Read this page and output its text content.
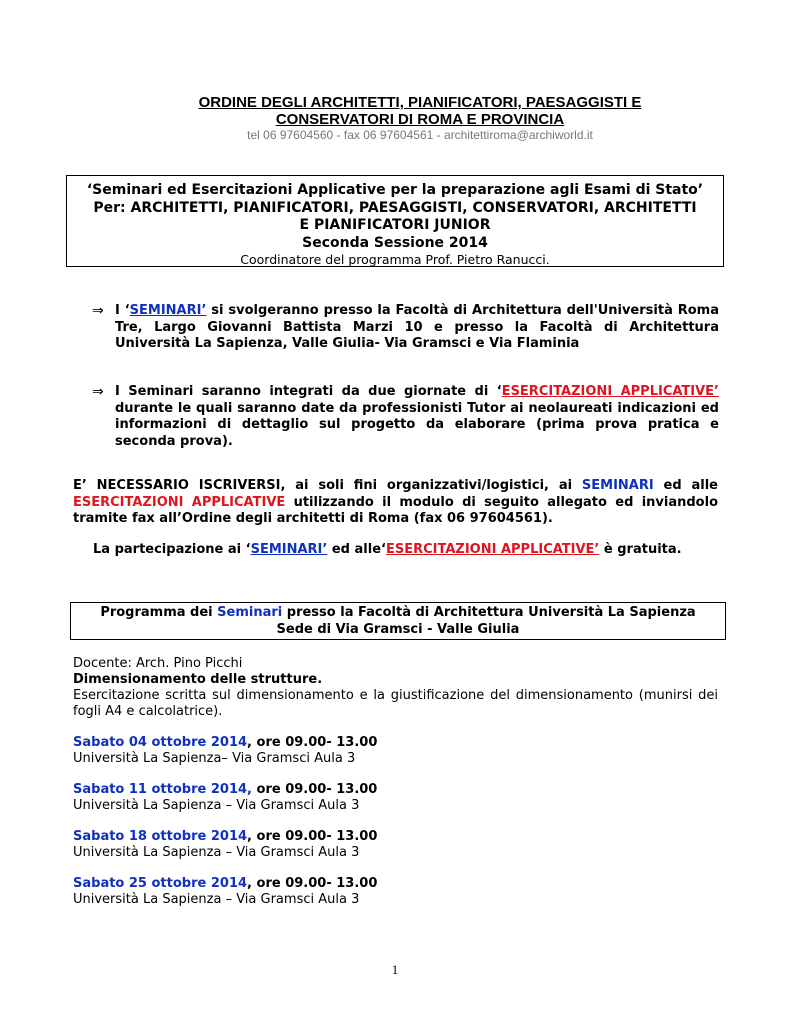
ORDINE DEGLI ARCHITETTI, PIANIFICATORI, PAESAGGISTI E
CONSERVATORI DI ROMA E PROVINCIA
tel 06 97604560 - fax 06 97604561 - architettiroma@archiworld.it
‘Seminari ed Esercitazioni Applicative per la preparazione agli Esami di Stato’
Per: ARCHITETTI, PIANIFICATORI, PAESAGGISTI, CONSERVATORI, ARCHITETTI
E PIANIFICATORI JUNIOR
Seconda Sessione 2014
Coordinatore del programma Prof. Pietro Ranucci.
⇒ I ‘SEMINARI’ si svolgeranno presso la Facoltà di Architettura dell'Università Roma Tre, Largo Giovanni Battista Marzi 10 e presso la Facoltà di Architettura Università La Sapienza, Valle Giulia- Via Gramsci e Via Flaminia
⇒ I Seminari saranno integrati da due giornate di ‘ESERCITAZIONI APPLICATIVE’ durante le quali saranno date da professionisti Tutor ai neolaureati indicazioni ed informazioni di dettaglio sul progetto da elaborare (prima prova pratica e seconda prova).
E’ NECESSARIO ISCRIVERSI, ai soli fini organizzativi/logistici, ai SEMINARI ed alle ESERCITAZIONI APPLICATIVE utilizzando il modulo di seguito allegato ed inviandolo tramite fax all’Ordine degli architetti di Roma (fax 06 97604561).
La partecipazione ai ‘SEMINARI’ ed alle‘ESERCITAZIONI APPLICATIVE’ è gratuita.
Programma dei Seminari presso la Facoltà di Architettura Università La Sapienza
Sede di Via Gramsci - Valle Giulia
Docente: Arch. Pino Picchi
Dimensionamento delle strutture.
Esercitazione scritta sul dimensionamento e la giustificazione del dimensionamento (munirsi dei fogli A4 e calcolatrice).
Sabato 04 ottobre 2014, ore 09.00- 13.00
Università La Sapienza– Via Gramsci Aula 3
Sabato 11 ottobre 2014, ore 09.00- 13.00
Università La Sapienza – Via Gramsci Aula 3
Sabato 18 ottobre 2014, ore 09.00- 13.00
Università La Sapienza – Via Gramsci Aula 3
Sabato 25 ottobre 2014, ore 09.00- 13.00
Università La Sapienza – Via Gramsci Aula 3
1
